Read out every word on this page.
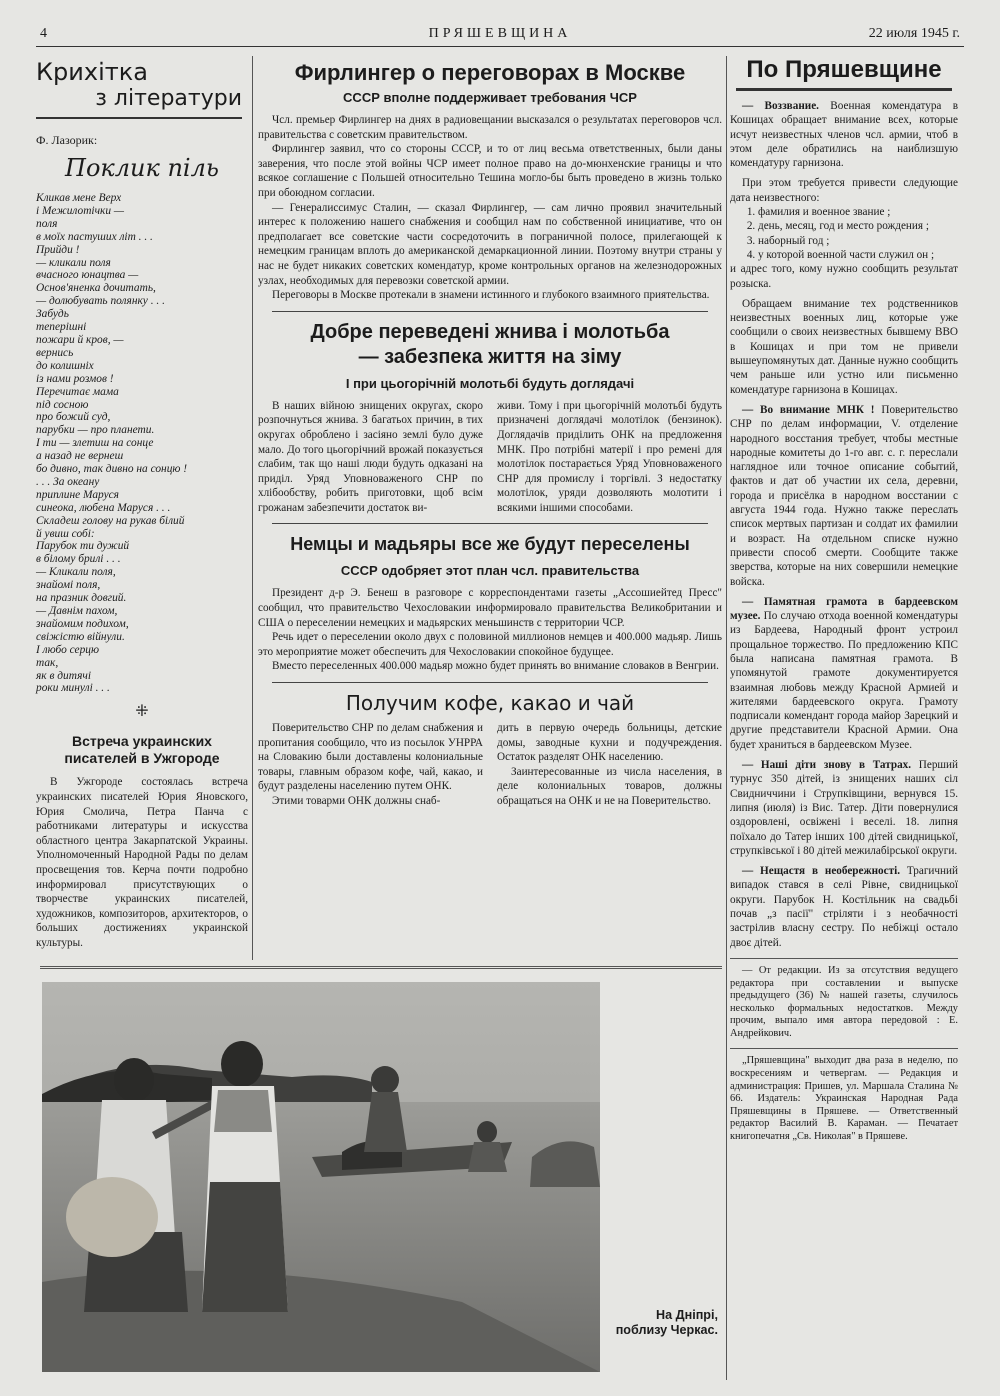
4	ПРЯШЕВЩИНА	22 июля 1945 г.
Крихітка
з літератури
Ф. Лазорик:
Поклик піль
Кликав мене Верх
і Межилотічки —
поля
в моїх пастуших літ . . .
Прийди !
— кликали поля
вчасного юнацтва —
Основ'яненка дочитать,
— долюбувать полянку . . .
Забудь
теперішні
пожари й кров, —
вернись
до колишніх
із нами розмов !
Перечитає мама
під сосною
про божий суд,
парубки — про планети.
І ти — злетиш на сонце
а назад не вернеш
бо дивно, так дивно на сонцю !
. . . За океану
приплине Маруся
синеока, любена Маруся . . .
Складеш голову на рукав білий
й увиш собі:
Парубок ти дужий
в білому брилі . . .
— Кликали поля,
знайомі поля,
на празник довгий.
— Давнім пахом,
знайомим подихом,
свіжістю війнули.
І любо серцю
так,
як в дитячі
роки минулі . . .
⁜
Встреча украинских писателей в Ужгороде

В Ужгороде состоялась встреча украинских писателей Юрия Яновского, Юрия Смолича, Петра Панча с работниками литературы и искусства областного центра Закарпатской Украины. Уполномоченный Народной Рады по делам просвещения тов. Керча почти подробно информировал присутствующих о творчестве украинских писателей, художников, композиторов, архитекторов, о больших достижениях украинской культуры.

Фирлингер о переговорах в Москве
СССР вполне поддерживает требования ЧСР

Чсл. премьер Фирлингер на днях в радиовещании высказался о результатах переговоров чсл. правительства с советским правительством.

Фирлингер заявил, что со стороны СССР, и то от лиц весьма ответственных, были даны заверения, что после этой войны ЧСР имеет полное право на до-мюнхенские границы и что всякое соглашение с Польшей относительно Тешина могло-бы быть проведено в жизнь только при обоюдном согласии.

— Генералиссимус Сталин, — сказал Фирлингер, — сам лично проявил значительный интерес к положению нашего снабжения и сообщил нам по собственной инициативе, что он предполагает все советские части сосредоточить в пограничной полосе, прилегающей к немецким границам вплоть до американской демаркационной линии. Поэтому внутри страны у нас не будет никаких советских комендатур, кроме контрольных органов на железнодорожных узлах, необходимых для перевозки советской армии.

Переговоры в Москве протекали в знамени истинного и глубокого взаимного приятельства.

Добре переведені жнива і молотьба
— забезпека життя на зіму
І при цьогорічній молотьбі будуть доглядачі

В наших війною знищених округах, скоро розпочнуться жнива. З багатьох причин, в тих округах оброблено і засіяно землі було дуже мало. До того цьогорічний врожай показується слабим, так що наші люди будуть одказані на приділ. Уряд Уповноваженого СНР по хлібообству, робить приготовки, щоб всім грожанам забезпечити достаток ви-

живи. Тому і при цьогорічній молотьбі будуть призначені доглядачі молотілок (бензинок). Доглядачів приділить ОНК на предложення МНК. Про потрібні матерії і про ремені для молотілок постарається Уряд Уповноваженого СНР для промислу і торгівлі. З недостатку молотілок, уряди дозволяють молотити і всякими іншими способами.

Немцы и мадьяры все же будут переселены
СССР одобряет этот план чсл. правительства

Президент д-р Э. Бенеш в разговоре с корреспондентами газеты „Ассошиейтед Пресс" сообщил, что правительство Чехословакии информировало правительства Великобритании и США о переселении немецких и мадьярских меньшинств с территории ЧСР.

Речь идет о переселении около двух с половиной миллионов немцев и 400.000 мадьяр. Лишь это мероприятие может обеспечить для Чехословакии спокойное будущее.

Вместо переселенных 400.000 мадьяр можно будет принять во внимание словаков в Венгрии.

Получим кофе, какао и чай

Поверительство СНР по делам снабжения и пропитания сообщило, что из посылок УНРРА на Словакию были доставлены колониальные товары, главным образом кофе, чай, какао, и будут разделены населению путем ОНК.

Этими товарми ОНК должны снаб-

дить в первую очередь больницы, детские домы, заводные кухни и подучреждения. Остаток разделят ОНК населению.

Заинтересованные из числа населения, в деле колониальных товаров, должны обращаться на ОНК и не на Поверительство.

По Пряшевщине

— Воззвание. Военная комендатура в Кошицах обращает внимание всех, которые исчут неизвестных членов чсл. армии, чтоб в этом деле обратились на наиблизшую комендатуру гарнизона.

При этом требуется привести следующие дата неизвестного:

1. фамилия и военное звание ;
2. день, месяц, год и место рождения ;
3. наборный год ;
4. у которой военной части служил он ;

и адрес того, кому нужно сообщить результат розыска.

Обращаем внимание тех родственников неизвестных военных лиц, которые уже сообщили о своих неизвестных бывшему ВВО в Кошицах и при том не привели вышеупомянутых дат. Данные нужно сообщить чем раньше или устно или письменно комендатуре гарнизона в Кошицах.

— Во внимание МНК ! Поверительство СНР по делам информации, V. отделение народного восстания требует, чтобы местные народные комитеты до 1-го авг. с. г. переслали наглядное или точное описание событий, фактов и дат об участии их села, деревни, города и присёлка в народном восстании с августа 1944 года. Нужно также переслать список мертвых партизан и солдат их фамилии и возраст. На отдельном списке нужно привести способ смерти. Сообщите также зверства, которые на них совершили немецкие войска.

— Памятная грамота в бардеевском музее. По случаю отхода военной комендатуры из Бардеева, Народный фронт устроил прощальное торжество. По предложению КПС была написана памятная грамота. В упомянутой грамоте документируется взаимная любовь между Красной Армией и жителями бардеевского округа. Грамоту подписали комендант города майор Зарецкий и другие представители Красной Армии. Она будет храниться в бардеевском Музее.

— Наші діти знову в Татрах. Перший турнус 350 дітей, із знищених наших сіл Свидниччини і Струпківщини, вернувся 15. липня (июля) із Вис. Татер. Діти повернулися оздоровлені, освіжені і веселі. 18. липня поїхало до Татер інших 100 дітей свидницької, струпківської і 80 дітей межилабірської округи.

— Нещастя в необережності. Трагичний випадок стався в селі Рівне, свидницької округи. Парубок Н. Костільник на свадьбі почав „з пасії" стріляти і з необачності застрілив власну сестру. По небіжці остало двоє дітей.

— От редакции. Из за отсутствия ведущего редактора при составлении и выпуске предыдущего (36) № нашей газеты, случилось несколько формальных недостатков. Между прочим, выпало имя автора передовой : Е. Андрейкович.

„Пряшевщина" выходит два раза в неделю, по воскресениям и четвергам. — Редакция и администрация: Пришев, ул. Маршала Сталина № 66. Издатель: Украинская Народная Рада Пряшевщины в Пряшеве. — Ответственный редактор Василий В. Караман. — Печатает книгопечатня „Св. Николая" в Пряшеве.

На Дніпрі,
поблизу Черкас.
